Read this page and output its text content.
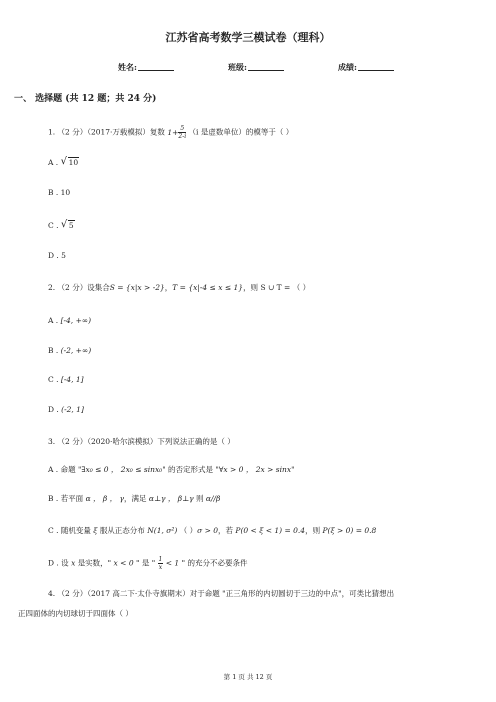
江苏省高考数学三模试卷（理科）
姓名:	班级:	成绩:
一、 选择题 (共 12 题；共 24 分)
1. （2 分）（2017·万载模拟）复数 $1+ \frac{5}{2-i} (i$ 是虚数单位）的模等于（ ）
A . √ 10
B . 10
C . √ 5
D . 5
2. （2 分）设集合S = {x|x > -2}，T = {x|-4 ≤ x ≤ 1}，则 S ∪ T = （ ）
A . [-4, +∞)
B . (-2, +∞)
C . [-4, 1]
D . (-2, 1]
3. （2 分）（2020·哈尔滨模拟）下列说法正确的是（ ）
A . 命题 "∃x₀ ≤ 0 ， 2x₀ ≤ sinx₀" 的否定形式是 "∀x > 0 ， 2x > sinx"
B . 若平面 α ， β ， γ，满足 α⊥γ ， β⊥γ 则 α//β
C . 随机变量 ξ 服从正态分布 N(1, σ²) （ ）σ > 0，若 P(0 < ξ < 1) = 0.4，则 P(ξ > 0) = 0.8
D . 设 x 是实数，" x < 0 " 是 " $\frac{1}{x} < 1$ " 的充分不必要条件
4. （2 分）（2017 高二下·太仆寺旗期末）对于命题 "正三角形的内切圆切于三边的中点"，可类比猜想出
正四面体的内切球切于四面体（ ）
第 1 页 共 12 页
